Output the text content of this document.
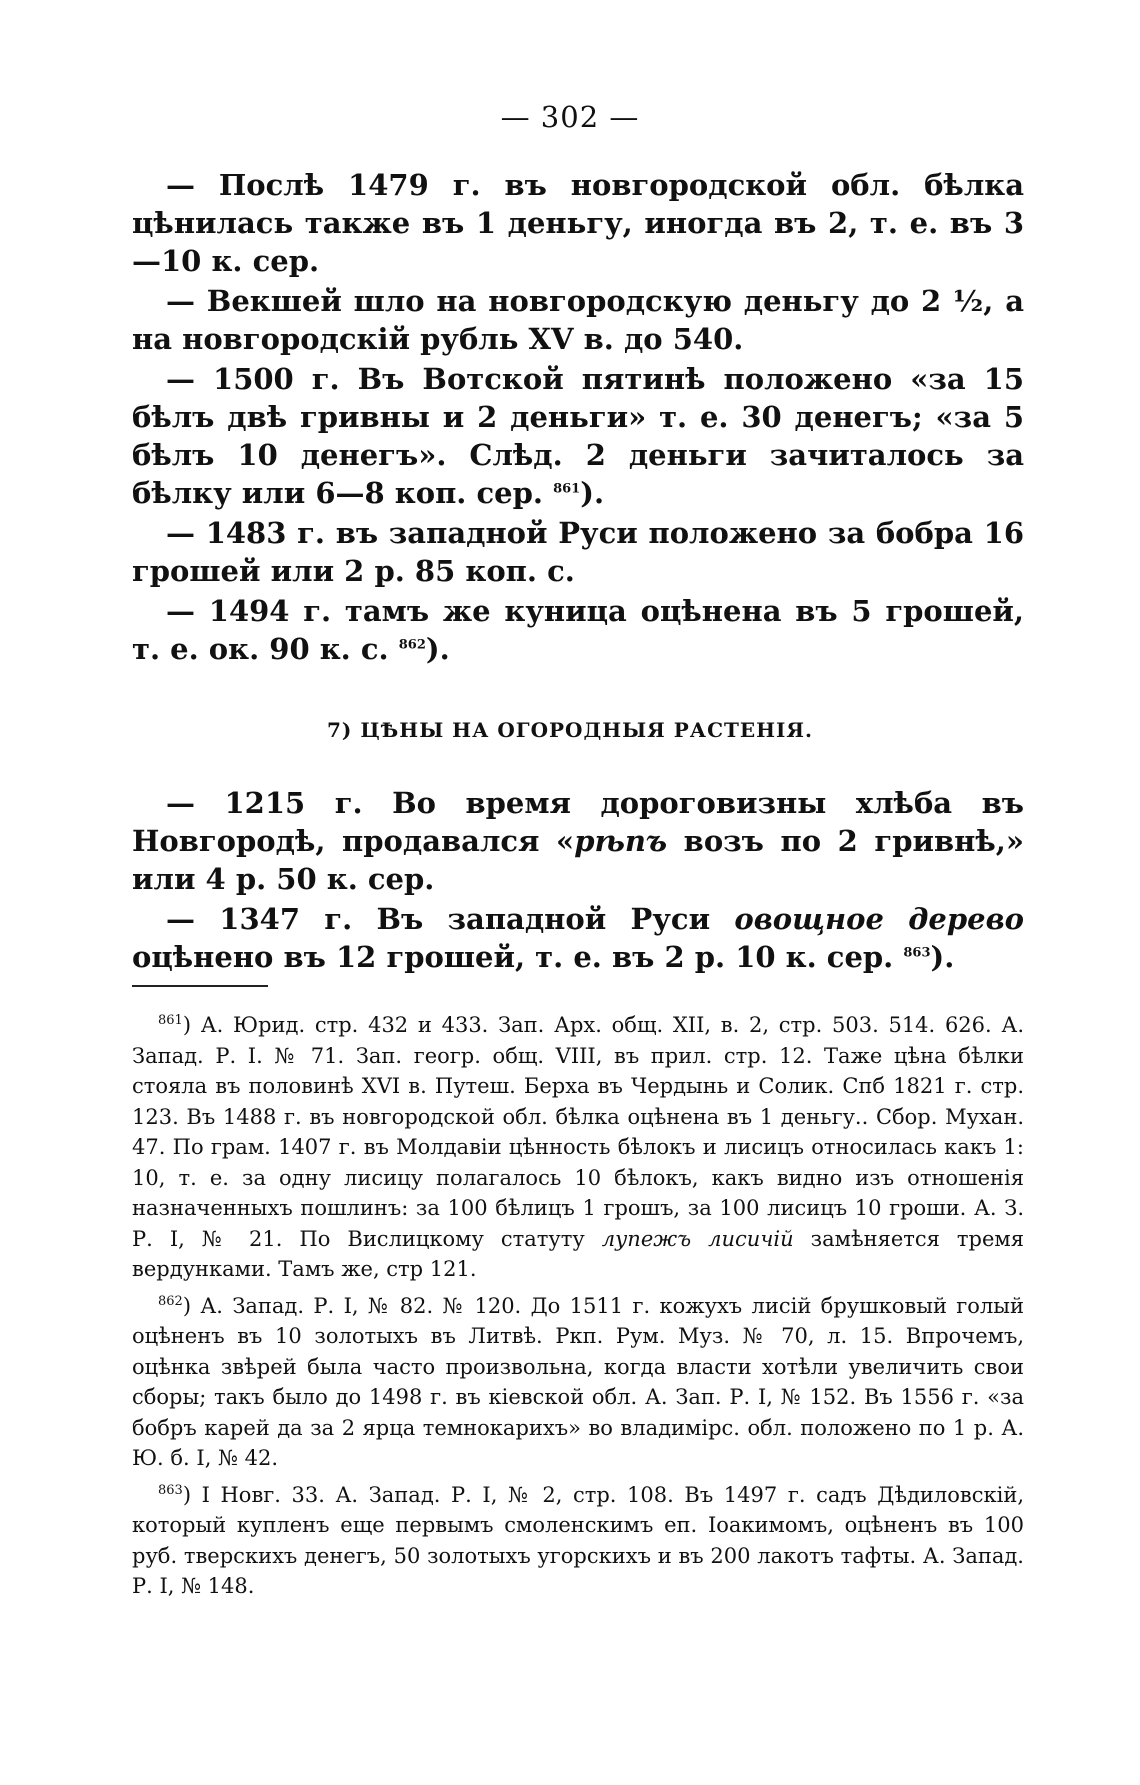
— 302 —

— Послѣ 1479 г. въ новгородской обл. бѣлка цѣнилась также въ 1 деньгу, иногда въ 2, т. е. въ 3—10 к. сер.

— Векшей шло на новгородскую деньгу до 2 ½, а на новгородскій рубль XV в. до 540.

— 1500 г. Въ Вотской пятинѣ положено «за 15 бѣлъ двѣ гривны и 2 деньги» т. е. 30 денегъ; «за 5 бѣлъ 10 денегъ». Слѣд. 2 деньги зачиталось за бѣлку или 6—8 коп. сер. $^{861}$).

— 1483 г. въ западной Руси положено за бобра 16 грошей или 2 р. 85 коп. с.

— 1494 г. тамъ же куница оцѣнена въ 5 грошей, т. е. ок. 90 к. с. $^{862}$).

7) ЦѢНЫ НА ОГОРОДНЫЯ РАСТЕНІЯ.

— 1215 г. Во время дороговизны хлѣба въ Новгородѣ, продавался «рѣпъ возъ по 2 гривнѣ,» или 4 р. 50 к. сер.

— 1347 г. Въ западной Руси овощное дерево оцѣнено въ 12 грошей, т. е. въ 2 р. 10 к. сер. $^{863}$).

$^{861}$) А. Юрид. стр. 432 и 433. Зап. Арх. общ. XII, в. 2, стр. 503. 514. 626. А. Запад. Р. I. № 71. Зап. геогр. общ. VIII, въ прил. стр. 12. Таже цѣна бѣлки стояла въ половинѣ XVI в. Путеш. Берха въ Чердынь и Солик. Спб 1821 г. стр. 123. Въ 1488 г. въ новгородской обл. бѣлка оцѣнена въ 1 деньгу.. Сбор. Мухан. 47. По грам. 1407 г. въ Молдавіи цѣнность бѣлокъ и лисицъ относилась какъ 1: 10, т. е. за одну лисицу полагалось 10 бѣлокъ, какъ видно изъ отношенія назначенныхъ пошлинъ: за 100 бѣлицъ 1 грошъ, за 100 лисицъ 10 гроши. А. З. Р. I, № 21. По Вислицкому статуту лупежъ лисичій замѣняется тремя вердунками. Тамъ же, стр 121.

$^{862}$) А. Запад. Р. I, № 82. № 120. До 1511 г. кожухъ лисій брушковый голый оцѣненъ въ 10 золотыхъ въ Литвѣ. Ркп. Рум. Муз. № 70, л. 15. Впрочемъ, оцѣнка звѣрей была часто произвольна, когда власти хотѣли увеличить свои сборы; такъ было до 1498 г. въ кіевской обл. А. Зап. Р. I, № 152. Въ 1556 г. «за бобръ карей да за 2 ярца темнокарихъ» во владимірс. обл. положено по 1 р. А. Ю. б. I, № 42.

$^{863}$) I Новг. 33. А. Запад. Р. I, № 2, стр. 108. Въ 1497 г. садъ Дѣдиловскій, который купленъ еще первымъ смоленскимъ еп. Іоакимомъ, оцѣненъ въ 100 руб. тверскихъ денегъ, 50 золотыхъ угорскихъ и въ 200 лакотъ тафты. А. Запад. Р. I, № 148.
